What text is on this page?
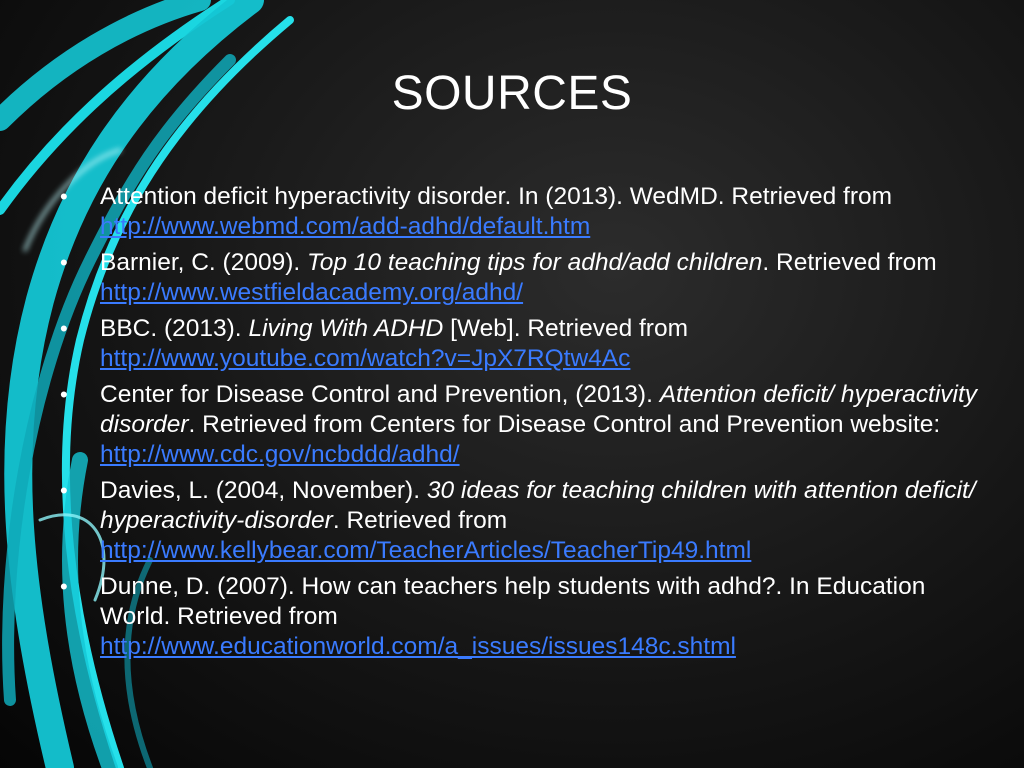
SOURCES
• Attention deficit hyperactivity disorder. In (2013). WedMD. Retrieved from http://www.webmd.com/add-adhd/default.htm
• Barnier, C. (2009). Top 10 teaching tips for adhd/add children. Retrieved from http://www.westfieldacademy.org/adhd/
• BBC. (2013). Living With ADHD [Web]. Retrieved from http://www.youtube.com/watch?v=JpX7RQtw4Ac
• Center for Disease Control and Prevention, (2013). Attention deficit/ hyperactivity disorder. Retrieved from Centers for Disease Control and Prevention website: http://www.cdc.gov/ncbddd/adhd/
• Davies, L. (2004, November). 30 ideas for teaching children with attention deficit/ hyperactivity-disorder. Retrieved from http://www.kellybear.com/TeacherArticles/TeacherTip49.html
• Dunne, D. (2007). How can teachers help students with adhd?. In Education World. Retrieved from http://www.educationworld.com/a_issues/issues148c.shtml
